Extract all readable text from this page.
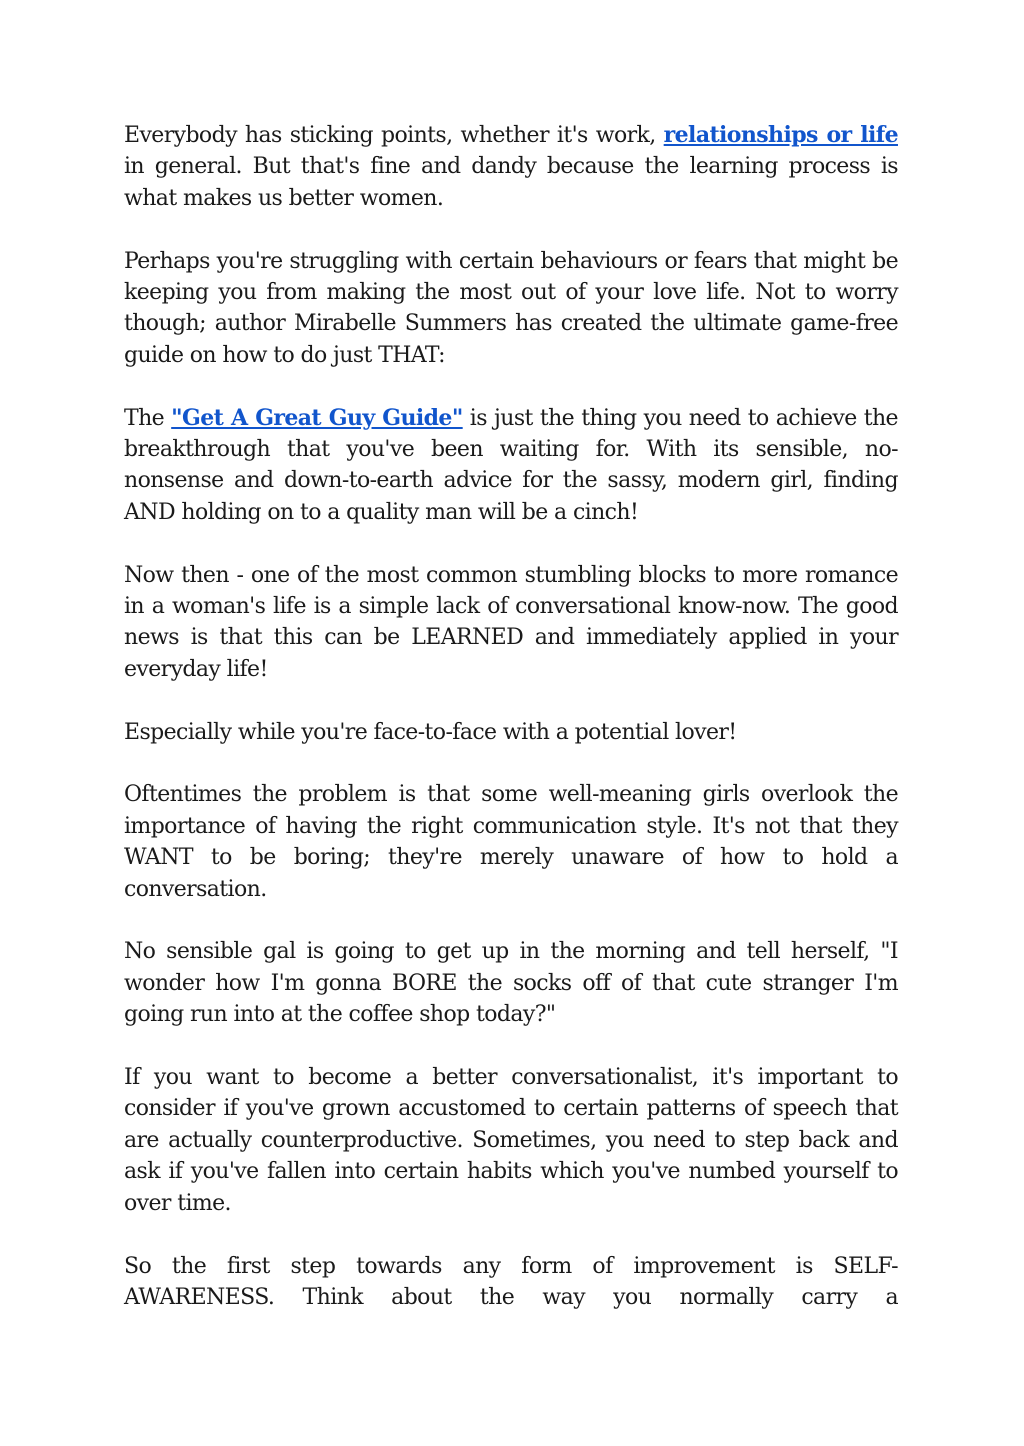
Everybody has sticking points, whether it's work, relationships or life in general. But that's fine and dandy because the learning process is what makes us better women.

Perhaps you're struggling with certain behaviours or fears that might be keeping you from making the most out of your love life. Not to worry though; author Mirabelle Summers has created the ultimate game-free guide on how to do just THAT:

The "Get A Great Guy Guide" is just the thing you need to achieve the breakthrough that you've been waiting for. With its sensible, no-nonsense and down-to-earth advice for the sassy, modern girl, finding AND holding on to a quality man will be a cinch!

Now then - one of the most common stumbling blocks to more romance in a woman's life is a simple lack of conversational know-now. The good news is that this can be LEARNED and immediately applied in your everyday life!

Especially while you're face-to-face with a potential lover!

Oftentimes the problem is that some well-meaning girls overlook the importance of having the right communication style. It's not that they WANT to be boring; they're merely unaware of how to hold a conversation.

No sensible gal is going to get up in the morning and tell herself, "I wonder how I'm gonna BORE the socks off of that cute stranger I'm going run into at the coffee shop today?"

If you want to become a better conversationalist, it's important to consider if you've grown accustomed to certain patterns of speech that are actually counterproductive. Sometimes, you need to step back and ask if you've fallen into certain habits which you've numbed yourself to over time.

So the first step towards any form of improvement is SELF-AWARENESS. Think about the way you normally carry a
